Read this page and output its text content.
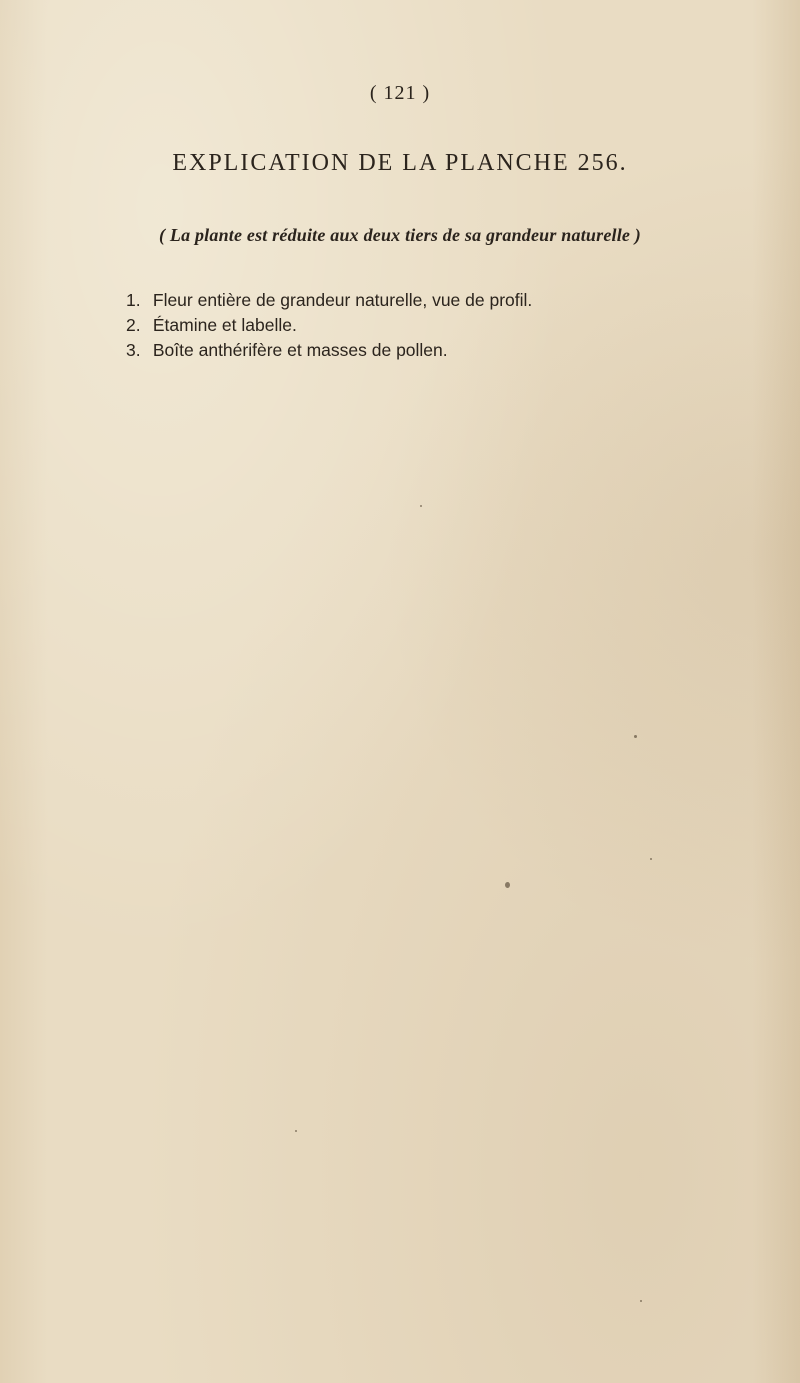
( 121 )
EXPLICATION DE LA PLANCHE 256.
( La plante est réduite aux deux tiers de sa grandeur naturelle )
1. Fleur entière de grandeur naturelle, vue de profil.
2. Étamine et labelle.
3. Boîte anthérifère et masses de pollen.
